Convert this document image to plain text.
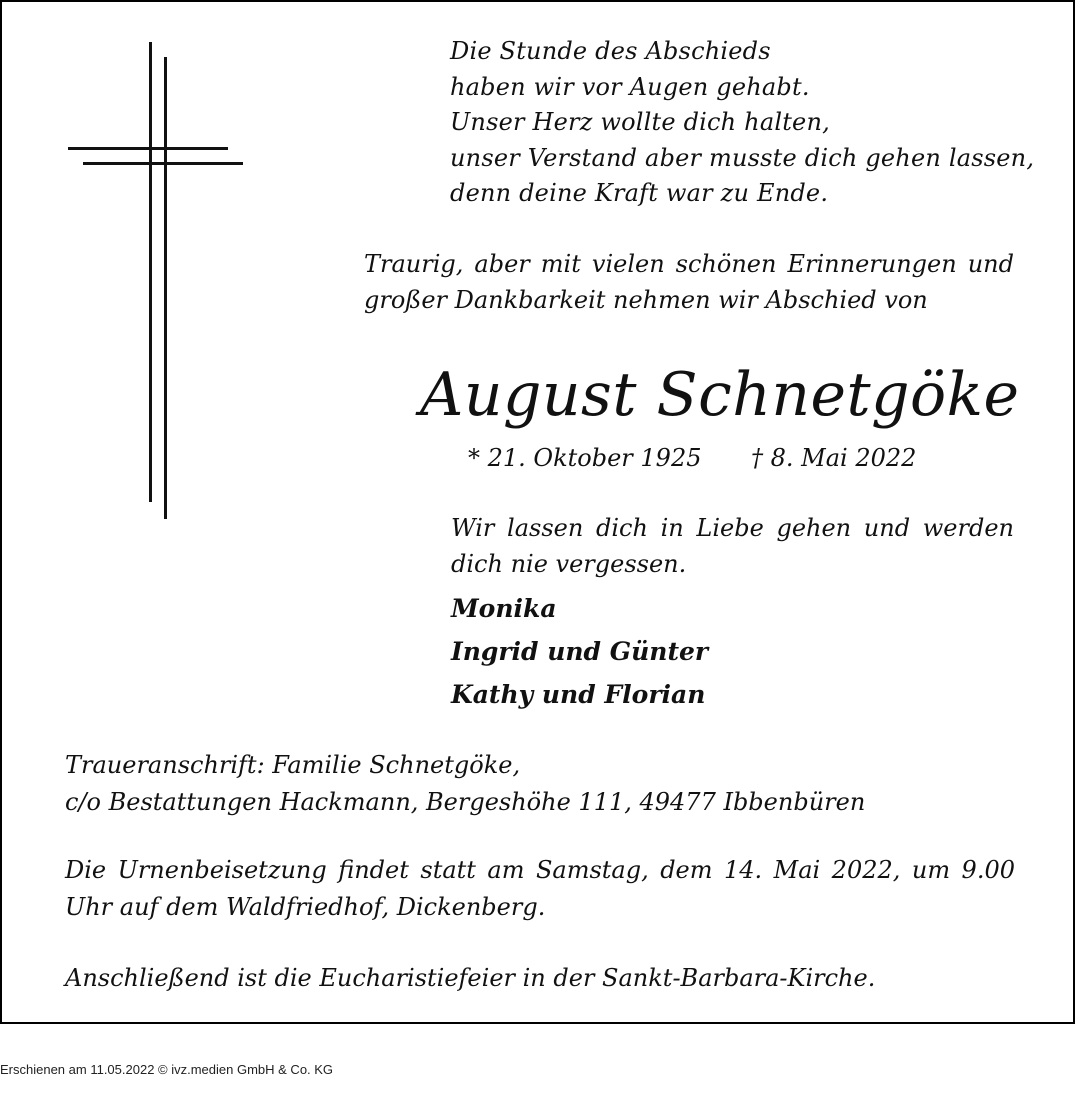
Die Stunde des Abschieds
haben wir vor Augen gehabt.
Unser Herz wollte dich halten,
unser Verstand aber musste dich gehen lassen,
denn deine Kraft war zu Ende.
Traurig, aber mit vielen schönen Erinnerungen und großer Dankbarkeit nehmen wir Abschied von
August Schnetgöke
* 21. Oktober 1925 † 8. Mai 2022
Wir lassen dich in Liebe gehen und werden dich nie vergessen.
Monika
Ingrid und Günter
Kathy und Florian
Traueranschrift: Familie Schnetgöke,
c/o Bestattungen Hackmann, Bergeshöhe 111, 49477 Ibbenbüren
Die Urnenbeisetzung findet statt am Samstag, dem 14. Mai 2022, um 9.00 Uhr auf dem Waldfriedhof, Dickenberg.
Anschließend ist die Eucharistiefeier in der Sankt-Barbara-Kirche.
Erschienen am 11.05.2022 © ivz.medien GmbH & Co. KG
